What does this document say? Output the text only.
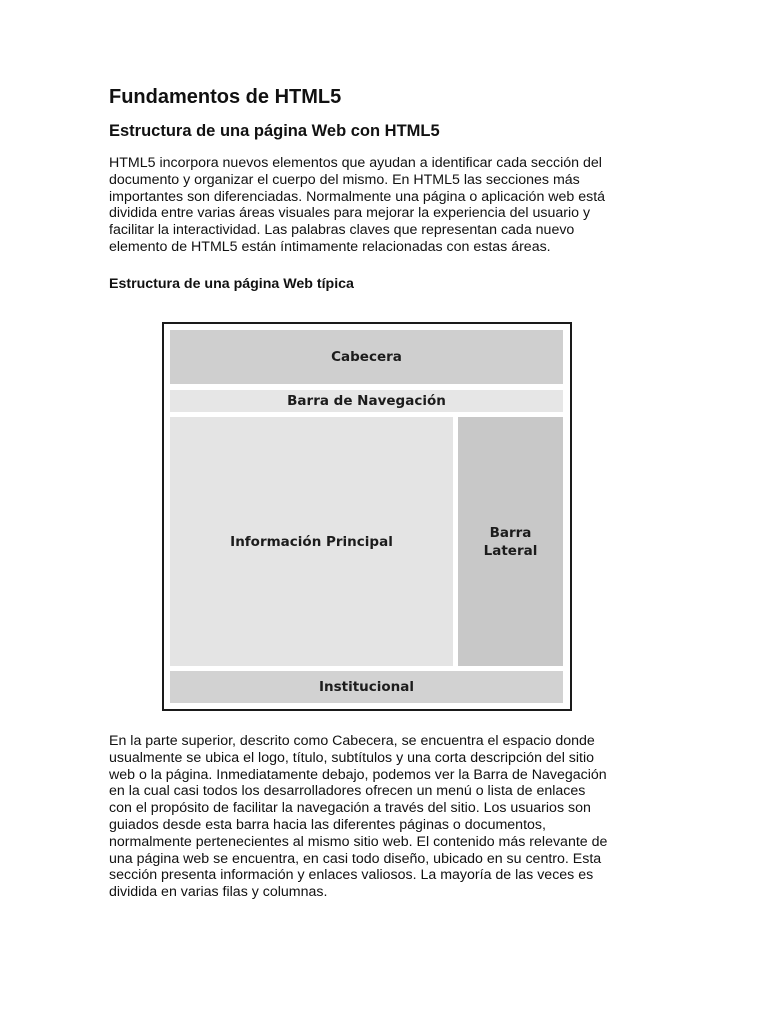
Fundamentos de HTML5
Estructura de una página Web con HTML5

HTML5 incorpora nuevos elementos que ayudan a identificar cada sección del
documento y organizar el cuerpo del mismo. En HTML5 las secciones más
importantes son diferenciadas. Normalmente una página o aplicación web está
dividida entre varias áreas visuales para mejorar la experiencia del usuario y
facilitar la interactividad. Las palabras claves que representan cada nuevo
elemento de HTML5 están íntimamente relacionadas con estas áreas.

Estructura de una página Web típica
Cabecera
Barra de Navegación
Información Principal
Barra
Lateral
Institucional

En la parte superior, descrito como Cabecera, se encuentra el espacio donde
usualmente se ubica el logo, título, subtítulos y una corta descripción del sitio
web o la página. Inmediatamente debajo, podemos ver la Barra de Navegación
en la cual casi todos los desarrolladores ofrecen un menú o lista de enlaces
con el propósito de facilitar la navegación a través del sitio. Los usuarios son
guiados desde esta barra hacia las diferentes páginas o documentos,
normalmente pertenecientes al mismo sitio web. El contenido más relevante de
una página web se encuentra, en casi todo diseño, ubicado en su centro. Esta
sección presenta información y enlaces valiosos. La mayoría de las veces es
dividida en varias filas y columnas.
